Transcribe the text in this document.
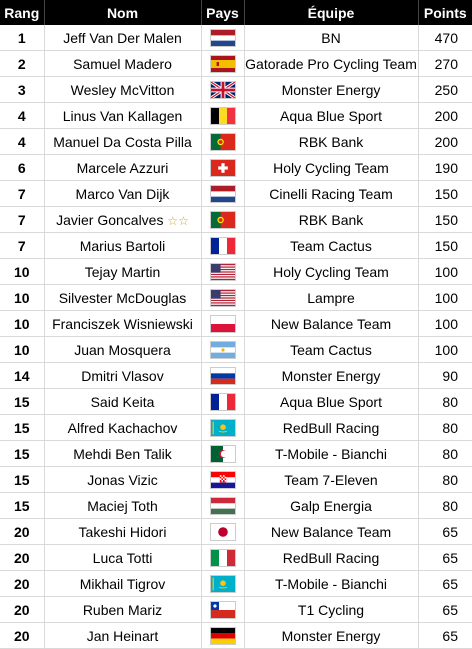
Rang	Nom	Pays	Équipe	Points
1	Jeff Van Der Malen		BN	470
2	Samuel Madero		Gatorade Pro Cycling Team	270
3	Wesley McVitton		Monster Energy	250
4	Linus Van Kallagen		Aqua Blue Sport	200
4	Manuel Da Costa Pilla		RBK Bank	200
6	Marcele Azzuri		Holy Cycling Team	190
7	Marco Van Dijk		Cinelli Racing Team	150
7	Javier Goncalves ☆☆		RBK Bank	150
7	Marius Bartoli		Team Cactus	150
10	Tejay Martin		Holy Cycling Team	100
10	Silvester McDouglas		Lampre	100
10	Franciszek Wisniewski		New Balance Team	100
10	Juan Mosquera		Team Cactus	100
14	Dmitri Vlasov		Monster Energy	90
15	Said Keita		Aqua Blue Sport	80
15	Alfred Kachachov		RedBull Racing	80
15	Mehdi Ben Talik		T-Mobile - Bianchi	80
15	Jonas Vizic		Team 7-Eleven	80
15	Maciej Toth		Galp Energia	80
20	Takeshi Hidori		New Balance Team	65
20	Luca Totti		RedBull Racing	65
20	Mikhail Tigrov		T-Mobile - Bianchi	65
20	Ruben Mariz		T1 Cycling	65
20	Jan Heinart		Monster Energy	65
